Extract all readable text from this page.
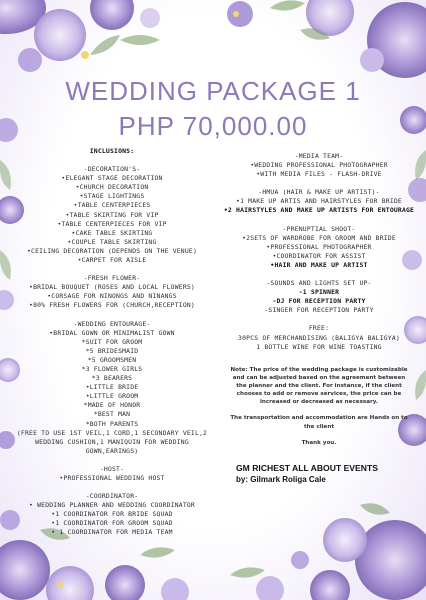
WEDDING PACKAGE 1
PHP 70,000.00
INCLUSIONS:
-DECORATION'S-
•ELEGANT STAGE DECORATION
•CHURCH DECORATION
•STAGE LIGHTINGS
•TABLE CENTERPIECES
•TABLE SKIRTING FOR VIP
•TABLE CENTERPIECES FOR VIP
•CAKE TABLE SKIRTING
•COUPLE TABLE SKIRTING
•CEILING DECORATION (DEPENDS ON THE VENUE)
•CARPET FOR AISLE
-FRESH FLOWER-
•BRIDAL BOUQUET (ROSES AND LOCAL FLOWERS)
•CORSAGE FOR NINONGS AND NINANGS
•80% FRESH FLOWERS FOR (CHURCH,RECEPTION)
-WEDDING ENTOURAGE-
•BRIDAL GOWN OR MINIMALIST GOWN
*SUIT FOR GROOM
*5 BRIDESMAID
*5 GROOMSMEN
*3 FLOWER GIRLS
*3 BEARERS
•LITTLE BRIDE
•LITTLE GROOM
*MADE OF HONOR
*BEST MAN
*BOTH PARENTS
(FREE TO USE 1ST VEIL,1 CORD,1 SECONDARY VEIL,2 WEDDING CUSHION,1 MANIQUIN FOR WEDDING GOWN,EARINGS)
-HOST-
•PROFESSIONAL WEDDING HOST
-COORDINATOR-
• WEDDING PLANNER AND WEDDING COORDINATOR
•1 COORDINATOR FOR BRIDE SQUAD
•1 COORDINATOR FOR GROOM SQUAD
• 1 COORDINATOR FOR MEDIA TEAM
-MEDIA TEAM-
•WEDDING PROFESSIONAL PHOTOGRAPHER
•WITH MEDIA FILES - FLASH-DRIVE
-HMUA (HAIR & MAKE UP ARTIST)-
•1 MAKE UP ARTIS AND HAIRSTYLES FOR BRIDE
•2 HAIRSTYLES AND MAKE UP ARTISTS FOR ENTOURAGE
-PRENUPTIAL SHOOT-
•2SETS OF WARDROBE FOR GROOM AND BRIDE
•PROFESSIONAL PHOTOGRAPHER
•COORDINATOR FOR ASSIST
•HAIR AND MAKE UP ARTIST
-SOUNDS AND LIGHTS SET UP-
-1 SPINNER
-DJ FOR RECEPTION PARTY
-SINGER FOR RECEPTION PARTY
FREE:
30PCS OF MERCHANDISING (BALIGYA BALIGYA)
1 BOTTLE WINE FOR WINE TOASTING

Note: The price of the wedding package is customizable and can be adjusted based on the agreement between the planner and the client. For instance, if the client chooses to add or remove services, the price can be increased or decreased as necessary.

The transportation and accommodation are Hands on to the client

Thank you.

GM RICHEST ALL ABOUT EVENTS
by: Gilmark Roliga Cale
